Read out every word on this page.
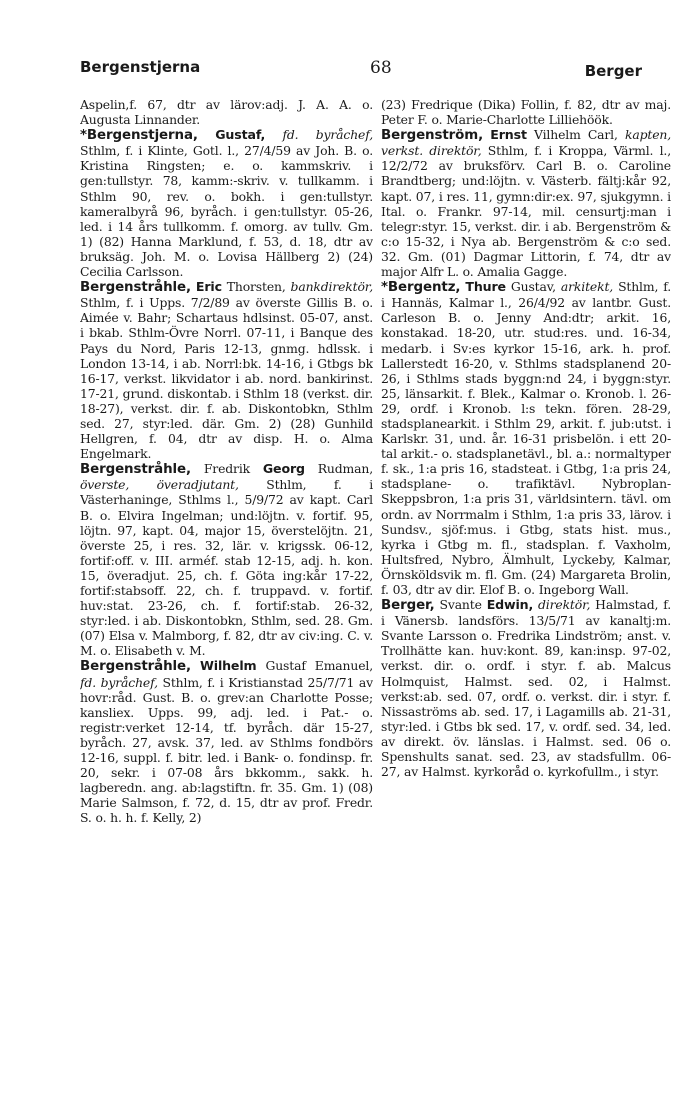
Bergenstjerna	68	Berger

Aspelin,f. 67, dtr av lärov:adj. J. A. A. o. Augusta Linnander.

*Bergenstjerna, Gustaf, fd. byråchef, Sthlm, f. i Klinte, Gotl. l., 27/4/59 av Joh. B. o. Kristina Ringsten; e. o. kammskriv. i gen:tullstyr. 78, kamm:-skriv. v. tullkamm. i Sthlm 90, rev. o. bokh. i gen:tullstyr. kameralbyrå 96, byråch. i gen:tullstyr. 05-26, led. i 14 års tullkomm. f. omorg. av tullv. Gm. 1) (82) Hanna Marklund, f. 53, d. 18, dtr av bruksäg. Joh. M. o. Lovisa Hällberg 2) (24) Cecilia Carlsson.

Bergenstråhle, Eric Thorsten, bankdirektör, Sthlm, f. i Upps. 7/2/89 av överste Gillis B. o. Aimée v. Bahr; Schartaus hdlsinst. 05-07, anst. i bkab. Sthlm-Övre Norrl. 07-11, i Banque des Pays du Nord, Paris 12-13, gnmg. hdlssk. i London 13-14, i ab. Norrl:bk. 14-16, i Gtbgs bk 16-17, verkst. likvidator i ab. nord. bankirinst. 17-21, grund. diskontab. i Sthlm 18 (verkst. dir. 18-27), verkst. dir. f. ab. Diskontobkn, Sthlm sed. 27, styr:led. där. Gm. 2) (28) Gunhild Hellgren, f. 04, dtr av disp. H. o. Alma Engelmark.

Bergenstråhle, Fredrik Georg Rudman, överste, överadjutant, Sthlm, f. i Västerhaninge, Sthlms l., 5/9/72 av kapt. Carl B. o. Elvira Ingelman; und:löjtn. v. fortif. 95, löjtn. 97, kapt. 04, major 15, överstelöjtn. 21, överste 25, i res. 32, lär. v. krigssk. 06-12, fortif:off. v. III. arméf. stab 12-15, adj. h. kon. 15, överadjut. 25, ch. f. Göta ing:kår 17-22, fortif:stabsoff. 22, ch. f. truppavd. v. fortif. huv:stat. 23-26, ch. f. fortif:stab. 26-32, styr:led. i ab. Diskontobkn, Sthlm, sed. 28. Gm. (07) Elsa v. Malmborg, f. 82, dtr av civ:ing. C. v. M. o. Elisabeth v. M.

Bergenstråhle, Wilhelm Gustaf Emanuel, fd. byråchef, Sthlm, f. i Kristianstad 25/7/71 av hovr:råd. Gust. B. o. grev:an Charlotte Posse; kansliex. Upps. 99, adj. led. i Pat.- o. registr:verket 12-14, tf. byråch. där 15-27, byråch. 27, avsk. 37, led. av Sthlms fondbörs 12-16, suppl. f. bitr. led. i Bank- o. fondinsp. fr. 20, sekr. i 07-08 års bkkomm., sakk. h. lagberedn. ang. ab:lagstiftn. fr. 35. Gm. 1) (08) Marie Salmson, f. 72, d. 15, dtr av prof. Fredr. S. o. h. h. f. Kelly, 2)

(23) Fredrique (Dika) Follin, f. 82, dtr av maj. Peter F. o. Marie-Charlotte Lilliehöök.

Bergenström, Ernst Vilhelm Carl, kapten, verkst. direktör, Sthlm, f. i Kroppa, Värml. l., 12/2/72 av bruksförv. Carl B. o. Caroline Brandtberg; und:löjtn. v. Västerb. fältj:kår 92, kapt. 07, i res. 11, gymn:dir:ex. 97, sjukgymn. i Ital. o. Frankr. 97-14, mil. censurtj:man i telegr:styr. 15, verkst. dir. i ab. Bergenström & c:o 15-32, i Nya ab. Bergenström & c:o sed. 32. Gm. (01) Dagmar Littorin, f. 74, dtr av major Alfr L. o. Amalia Gagge.

*Bergentz, Thure Gustav, arkitekt, Sthlm, f. i Hannäs, Kalmar l., 26/4/92 av lantbr. Gust. Carleson B. o. Jenny And:dtr; arkit. 16, konstakad. 18-20, utr. stud:res. und. 16-34, medarb. i Sv:es kyrkor 15-16, ark. h. prof. Lallerstedt 16-20, v. Sthlms stadsplanend 20-26, i Sthlms stads byggn:nd 24, i byggn:styr. 25, länsarkit. f. Blek., Kalmar o. Kronob. l. 26-29, ordf. i Kronob. l:s tekn. fören. 28-29, stadsplanearkit. i Sthlm 29, arkit. f. jub:utst. i Karlskr. 31, und. år. 16-31 prisbelön. i ett 20-tal arkit.- o. stadsplanetävl., bl. a.: normaltyper f. sk., 1:a pris 16, stadsteat. i Gtbg, 1:a pris 24, stadsplane- o. trafiktävl. Nybroplan-Skeppsbron, 1:a pris 31, världsintern. tävl. om ordn. av Norrmalm i Sthlm, 1:a pris 33, lärov. i Sundsv., sjöf:mus. i Gtbg, stats hist. mus., kyrka i Gtbg m. fl., stadsplan. f. Vaxholm, Hultsfred, Nybro, Älmhult, Lyckeby, Kalmar, Örnsköldsvik m. fl. Gm. (24) Margareta Brolin, f. 03, dtr av dir. Elof B. o. Ingeborg Wall.

Berger, Svante Edwin, direktör, Halmstad, f. i Vänersb. landsförs. 13/5/71 av kanaltj:m. Svante Larsson o. Fredrika Lindström; anst. v. Trollhätte kan. huv:kont. 89, kan:insp. 97-02, verkst. dir. o. ordf. i styr. f. ab. Malcus Holmquist, Halmst. sed. 02, i Halmst. verkst:ab. sed. 07, ordf. o. verkst. dir. i styr. f. Nissaströms ab. sed. 17, i Lagamills ab. 21-31, styr:led. i Gtbs bk sed. 17, v. ordf. sed. 34, led. av direkt. öv. länslas. i Halmst. sed. 06 o. Spenshults sanat. sed. 23, av stadsfullm. 06-27, av Halmst. kyrkoråd o. kyrkofullm., i styr.
